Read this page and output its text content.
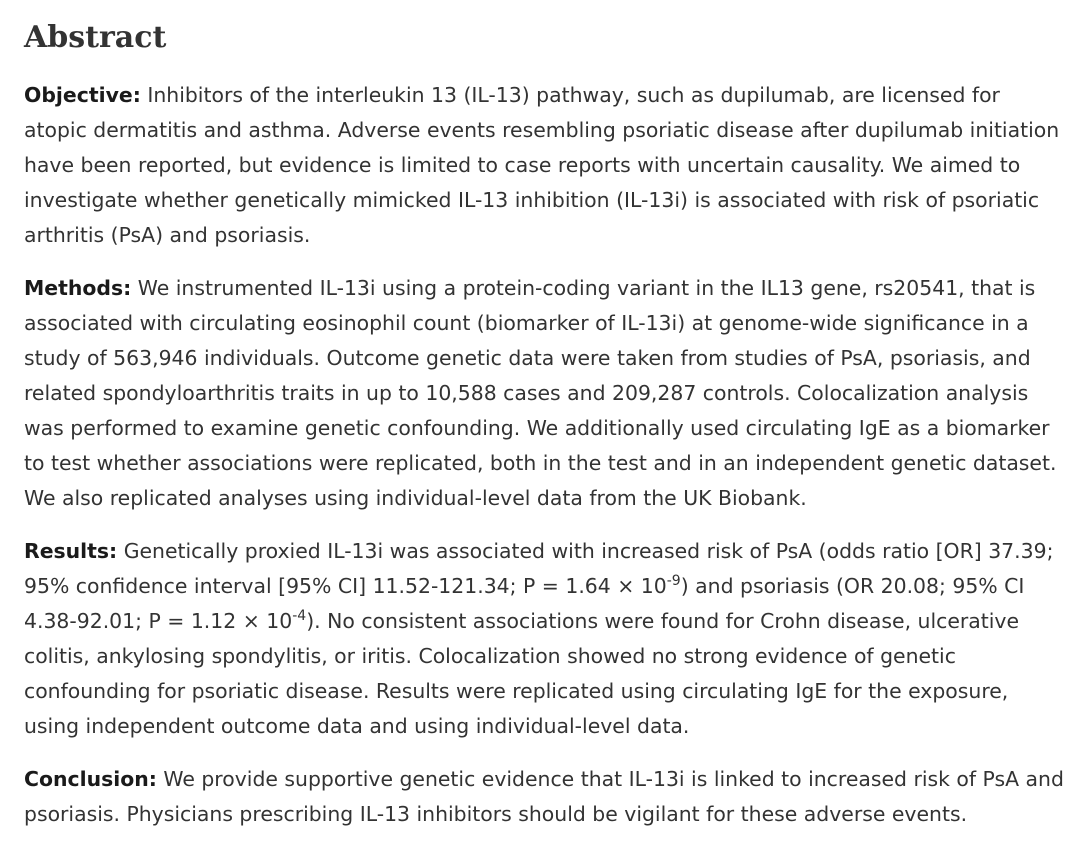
Abstract

Objective: Inhibitors of the interleukin 13 (IL-13) pathway, such as dupilumab, are licensed for atopic dermatitis and asthma. Adverse events resembling psoriatic disease after dupilumab initiation have been reported, but evidence is limited to case reports with uncertain causality. We aimed to investigate whether genetically mimicked IL-13 inhibition (IL-13i) is associated with risk of psoriatic arthritis (PsA) and psoriasis.

Methods: We instrumented IL-13i using a protein-coding variant in the IL13 gene, rs20541, that is associated with circulating eosinophil count (biomarker of IL-13i) at genome-wide significance in a study of 563,946 individuals. Outcome genetic data were taken from studies of PsA, psoriasis, and related spondyloarthritis traits in up to 10,588 cases and 209,287 controls. Colocalization analysis was performed to examine genetic confounding. We additionally used circulating IgE as a biomarker to test whether associations were replicated, both in the test and in an independent genetic dataset. We also replicated analyses using individual-level data from the UK Biobank.

Results: Genetically proxied IL-13i was associated with increased risk of PsA (odds ratio [OR] 37.39; 95% confidence interval [95% CI] 11.52-121.34; $P = 1.64 \times 10^{-9}$) and psoriasis (OR 20.08; 95% CI 4.38-92.01; $P = 1.12 \times 10^{-4}$). No consistent associations were found for Crohn disease, ulcerative colitis, ankylosing spondylitis, or iritis. Colocalization showed no strong evidence of genetic confounding for psoriatic disease. Results were replicated using circulating IgE for the exposure, using independent outcome data and using individual-level data.

Conclusion: We provide supportive genetic evidence that IL-13i is linked to increased risk of PsA and psoriasis. Physicians prescribing IL-13 inhibitors should be vigilant for these adverse events.
